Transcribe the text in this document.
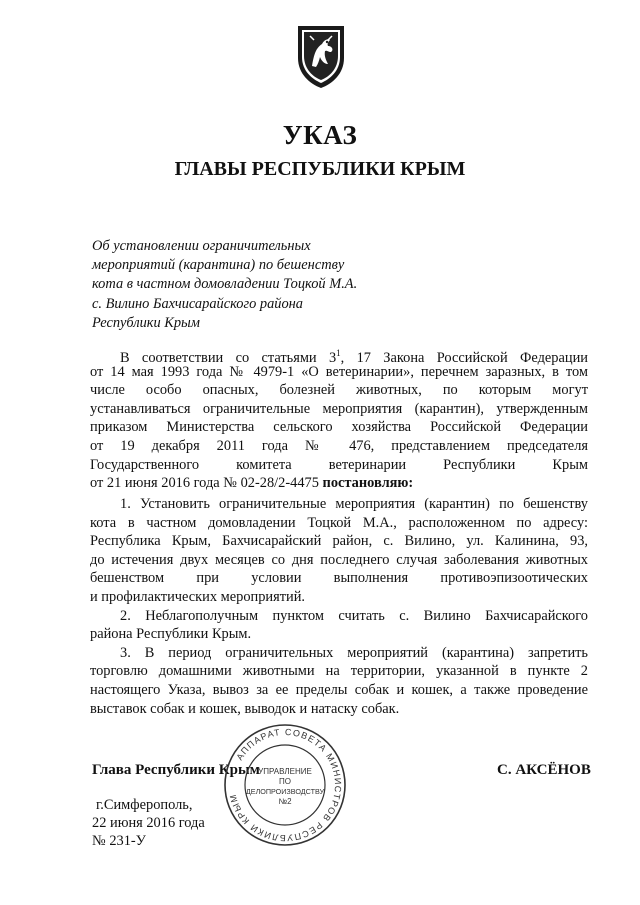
УКАЗ
ГЛАВЫ РЕСПУБЛИКИ КРЫМ
Об установлении ограничительных
мероприятий (карантина) по бешенству
кота в частном домовладении Тоцкой М.А.
с. Вилино Бахчисарайского района
Республики Крым
В соответствии со статьями $3^1$, 17 Закона Российской Федерации
от 14 мая 1993 года № 4979-1 «О ветеринарии», перечнем заразных, в том
числе особо опасных, болезней животных, по которым могут
устанавливаться ограничительные мероприятия (карантин), утвержденным
приказом Министерства сельского хозяйства Российской Федерации
от 19 декабря 2011 года № 476, представлением председателя
Государственного комитета ветеринарии Республики Крым
от 21 июня 2016 года № 02-28/2-4475 постановляю:
1. Установить ограничительные мероприятия (карантин) по бешенству
кота в частном домовладении Тоцкой М.А., расположенном по адресу:
Республика Крым, Бахчисарайский район, с. Вилино, ул. Калинина, 93,
до истечения двух месяцев со дня последнего случая заболевания животных
бешенством при условии выполнения противоэпизоотических
и профилактических мероприятий.
2. Неблагополучным пунктом считать с. Вилино Бахчисарайского
района Республики Крым.
3. В период ограничительных мероприятий (карантина) запретить
торговлю домашними животными на территории, указанной в пункте 2
настоящего Указа, вывоз за ее пределы собак и кошек, а также проведение
выставок собак и кошек, выводок и натаску собак.
Глава Республики Крым	С. АКСЁНОВ
г.Симферополь,
22 июня 2016 года
№ 231-У
АППАРАТ СОВЕТА МИНИСТРОВ РЕСПУБЛИКИ КРЫМ
УПРАВЛЕНИЕ
ПО
ДЕЛОПРОИЗВОДСТВУ
№2
